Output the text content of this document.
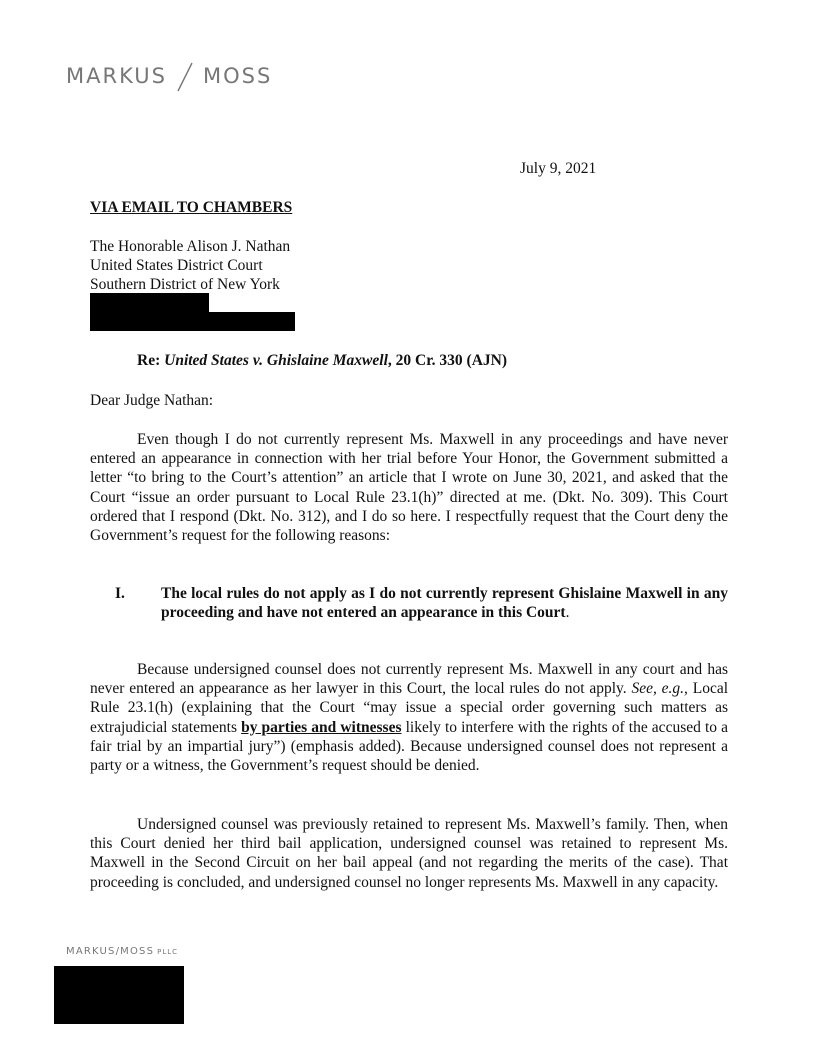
MARKUS MOSS
July 9, 2021
VIA EMAIL TO CHAMBERS
The Honorable Alison J. Nathan
United States District Court
Southern District of New York
Re: United States v. Ghislaine Maxwell, 20 Cr. 330 (AJN)
Dear Judge Nathan:
Even though I do not currently represent Ms. Maxwell in any proceedings and have never entered an appearance in connection with her trial before Your Honor, the Government submitted a letter “to bring to the Court’s attention” an article that I wrote on June 30, 2021, and asked that the Court “issue an order pursuant to Local Rule 23.1(h)” directed at me. (Dkt. No. 309). This Court ordered that I respond (Dkt. No. 312), and I do so here. I respectfully request that the Court deny the Government’s request for the following reasons:
I.	The local rules do not apply as I do not currently represent Ghislaine Maxwell in any proceeding and have not entered an appearance in this Court.
Because undersigned counsel does not currently represent Ms. Maxwell in any court and has never entered an appearance as her lawyer in this Court, the local rules do not apply. See, e.g., Local Rule 23.1(h) (explaining that the Court “may issue a special order governing such matters as extrajudicial statements by parties and witnesses likely to interfere with the rights of the accused to a fair trial by an impartial jury”) (emphasis added). Because undersigned counsel does not represent a party or a witness, the Government’s request should be denied.
Undersigned counsel was previously retained to represent Ms. Maxwell’s family. Then, when this Court denied her third bail application, undersigned counsel was retained to represent Ms. Maxwell in the Second Circuit on her bail appeal (and not regarding the merits of the case). That proceeding is concluded, and undersigned counsel no longer represents Ms. Maxwell in any capacity.
MARKUS/MOSS PLLC
